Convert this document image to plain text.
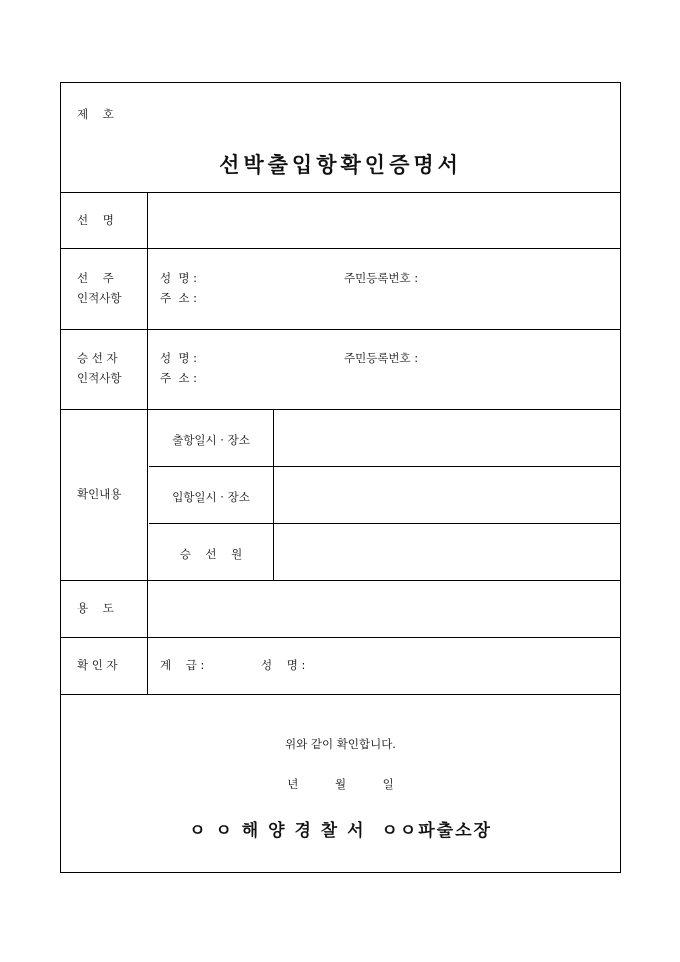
제    호
선박출입항확인증명서
선    명
선    주
인적사항
성  명 :	주민등록번호 :
주  소 :
승 선 자
인적사항
성  명 :	주민등록번호 :
주  소 :
확인내용
출항일시 · 장소
입항일시 · 장소
승    선    원
용    도
확 인 자	계    급 :	성    명 :
위와 같이 확인합니다.
년          월          일
ㅇ ㅇ 해 양 경 찰 서  ㅇㅇ파출소장
